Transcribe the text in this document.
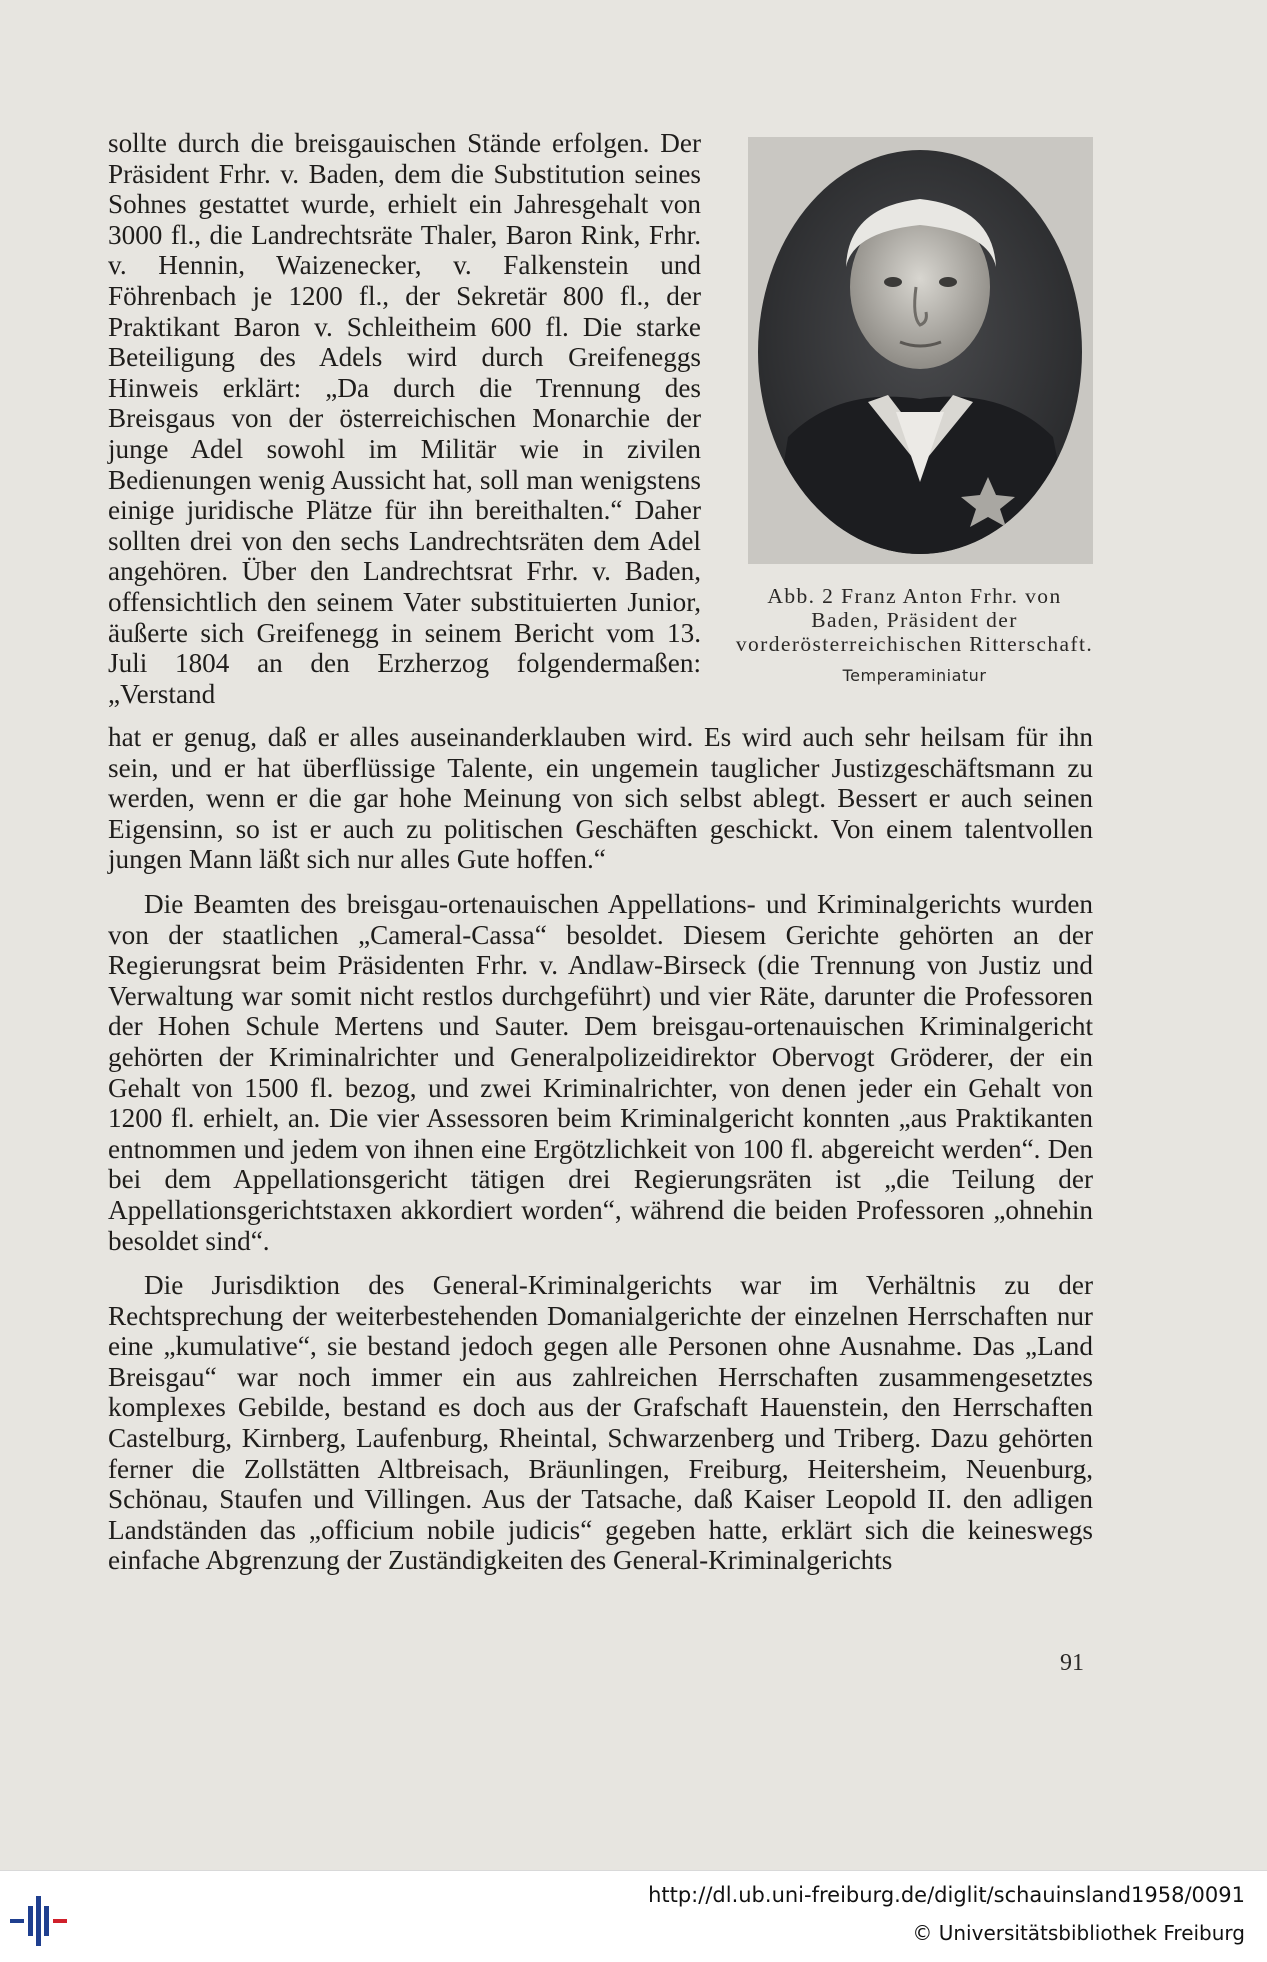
sollte durch die breisgauischen Stände erfolgen. Der Präsident Frhr. v. Baden, dem die Substitution seines Sohnes gestattet wurde, erhielt ein Jahresgehalt von 3000 fl., die Landrechtsräte Thaler, Baron Rink, Frhr. v. Hennin, Waizenecker, v. Falkenstein und Föhrenbach je 1200 fl., der Sekretär 800 fl., der Praktikant Baron v. Schleitheim 600 fl. Die starke Beteiligung des Adels wird durch Greifeneggs Hinweis erklärt: „Da durch die Trennung des Breisgaus von der österreichischen Monarchie der junge Adel sowohl im Militär wie in zivilen Bedienungen wenig Aussicht hat, soll man wenigstens einige juridische Plätze für ihn bereithalten.“ Daher sollten drei von den sechs Landrechtsräten dem Adel angehören. Über den Landrechtsrat Frhr. v. Baden, offensichtlich den seinem Vater substituierten Junior, äußerte sich Greifenegg in seinem Bericht vom 13. Juli 1804 an den Erzherzog folgendermaßen: „Verstand

hat er genug, daß er alles auseinanderklauben wird. Es wird auch sehr heilsam für ihn sein, und er hat überflüssige Talente, ein ungemein tauglicher Justizgeschäftsmann zu werden, wenn er die gar hohe Meinung von sich selbst ablegt. Bessert er auch seinen Eigensinn, so ist er auch zu politischen Geschäften geschickt. Von einem talentvollen jungen Mann läßt sich nur alles Gute hoffen.“

Die Beamten des breisgau-ortenauischen Appellations- und Kriminalgerichts wurden von der staatlichen „Cameral-Cassa“ besoldet. Diesem Gerichte gehörten an der Regierungsrat beim Präsidenten Frhr. v. Andlaw-Birseck (die Trennung von Justiz und Verwaltung war somit nicht restlos durchgeführt) und vier Räte, darunter die Professoren der Hohen Schule Mertens und Sauter. Dem breisgau-ortenauischen Kriminalgericht gehörten der Kriminalrichter und Generalpolizeidirektor Obervogt Gröderer, der ein Gehalt von 1500 fl. bezog, und zwei Kriminalrichter, von denen jeder ein Gehalt von 1200 fl. erhielt, an. Die vier Assessoren beim Kriminalgericht konnten „aus Praktikanten entnommen und jedem von ihnen eine Ergötzlichkeit von 100 fl. abgereicht werden“. Den bei dem Appellationsgericht tätigen drei Regierungsräten ist „die Teilung der Appellationsgerichtstaxen akkordiert worden“, während die beiden Professoren „ohnehin besoldet sind“.

Die Jurisdiktion des General-Kriminalgerichts war im Verhältnis zu der Rechtsprechung der weiterbestehenden Domanialgerichte der einzelnen Herrschaften nur eine „kumulative“, sie bestand jedoch gegen alle Personen ohne Ausnahme. Das „Land Breisgau“ war noch immer ein aus zahlreichen Herrschaften zusammengesetztes komplexes Gebilde, bestand es doch aus der Grafschaft Hauenstein, den Herrschaften Castelburg, Kirnberg, Laufenburg, Rheintal, Schwarzenberg und Triberg. Dazu gehörten ferner die Zollstätten Altbreisach, Bräunlingen, Freiburg, Heitersheim, Neuenburg, Schönau, Staufen und Villingen. Aus der Tatsache, daß Kaiser Leopold II. den adligen Landständen das „officium nobile judicis“ gegeben hatte, erklärt sich die keineswegs einfache Abgrenzung der Zuständigkeiten des General-Kriminalgerichts

Abb. 2 Franz Anton Frhr. von Baden, Präsident der vorderösterreichischen Ritterschaft.
Temperaminiatur
91
http://dl.ub.uni-freiburg.de/diglit/schauinsland1958/0091
© Universitätsbibliothek Freiburg
